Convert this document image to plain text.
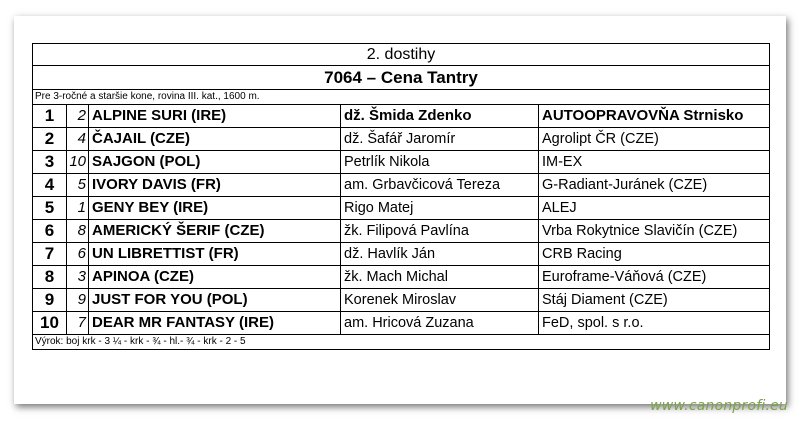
2. dostihy
7064 – Cena Tantry
Pre 3-ročné a staršie kone, rovina III. kat., 1600 m.
1	2 ALPINE SURI (IRE)	dž. Šmida Zdenko	AUTOOPRAVOVŇA Strnisko
2	4 ČAJAIL (CZE)	dž. Šafář Jaromír	Agrolipt ČR (CZE)
3	10 SAJGON (POL)	Petrlík Nikola	IM-EX
4	5 IVORY DAVIS (FR)	am. Grbavčicová Tereza	G-Radiant-Juránek (CZE)
5	1 GENY BEY (IRE)	Rigo Matej	ALEJ
6	8 AMERICKÝ ŠERIF (CZE)	žk. Filipová Pavlína	Vrba Rokytnice Slavičín (CZE)
7	6 UN LIBRETTIST (FR)	dž. Havlík Ján	CRB Racing
8	3 APINOA (CZE)	žk. Mach Michal	Euroframe-Váňová (CZE)
9	9 JUST FOR YOU (POL)	Korenek Miroslav	Stáj Diament (CZE)
10	7 DEAR MR FANTASY (IRE)	am. Hricová Zuzana	FeD, spol. s r.o.
Výrok: boj krk - 3 ¼ - krk - ¾ - hl.- ¾ - krk - 2 - 5
www.canonprofi.eu
